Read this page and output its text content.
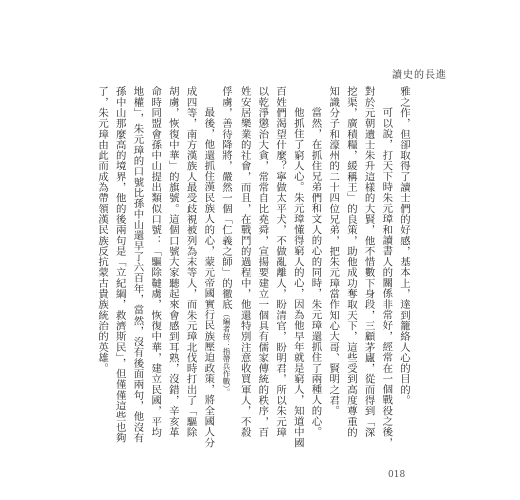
讀史的長進

雅之作，但卻取得了讀士們的好感，基本上，達到籠絡人心的目的。

可以說，打天下時朱元璋和讀書人的關係非常好，經常在一個戰役之後，對於元朝遺士朱升這樣的大賢，他不惜數下身段，三顧茅廬，從而得到「深挖渠，廣積糧，緩稱王」的良策，助他成功奪取天下，這些受到高度尊重的知識分子和濠州的二十四位兄弟，把朱元璋當作知心大哥、賢明之君。

當然，在抓住兄弟們和文人的心的同時，朱元璋還抓住了兩種人的心。

他抓住了窮人心。朱元璋懂得窮人的心，因為他早年就是窮人，知道中國百姓們渴望什麼？寧做太平犬，不做亂離人，盼清官，盼明君，所以朱元璋以乾淨懲治大貪，常常自比堯舜，宣揚要建立一個具有儒家傳統的秩序，百姓安居樂業的社會，而且，在戰鬥的過程中，他還特別注意收買軍人，不殺俘虜，善待降將，嚴然一個「仁義之師」的徹底（編者按：指帶兵作戰）。

最後，他還抓住漢民族人的心，蒙元帝國實行民族壓迫政策，將全國人分成四等，南方漢族人最受歧視被列為末等人，而朱元璋北伐時打出了「驅除胡虜，恢復中華」的旗號。這個口號大家聽起來會感到耳熟，沒錯，辛亥革命時同盟會孫中山提出類似口號：「驅除韃虜，恢復中華，建立民國，平均地權」，朱元璋的口號比孫中山還早了六百年，當然，沒有後面兩句，他沒有孫中山那麼高的境界，他的後兩句是「立紀綱，救濟斯民」，但僅僅這些也夠了，朱元璋由此而成為帶領漢民族反抗蒙古貴族統治的英雄。

018
